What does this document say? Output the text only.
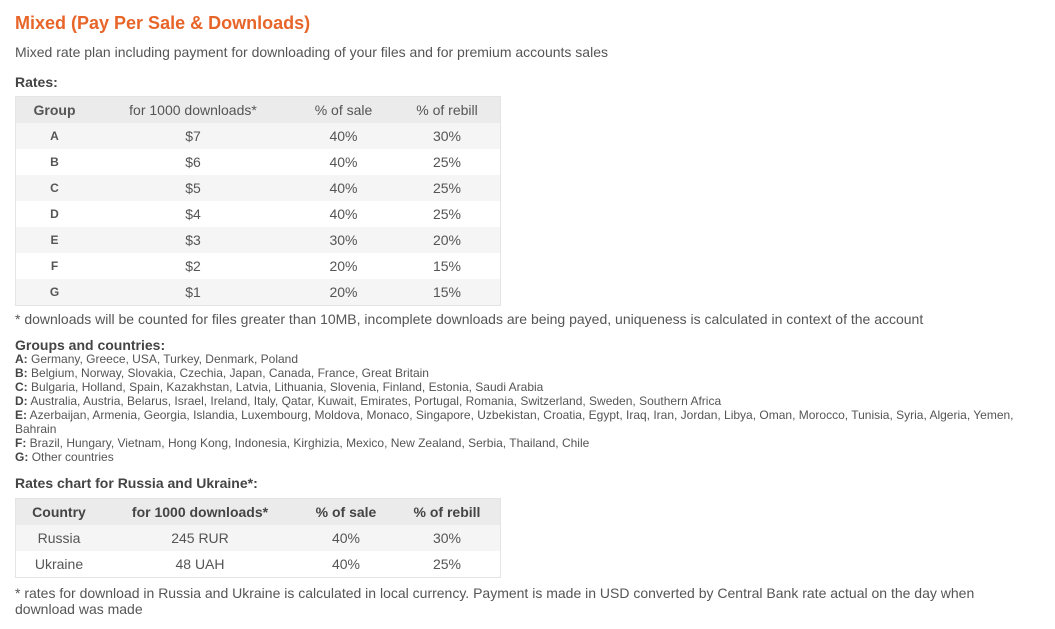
Mixed (Pay Per Sale & Downloads)
Mixed rate plan including payment for downloading of your files and for premium accounts sales
Rates:
Group	for 1000 downloads*	% of sale	% of rebill
A	$7	40%	30%
B	$6	40%	25%
C	$5	40%	25%
D	$4	40%	25%
E	$3	30%	20%
F	$2	20%	15%
G	$1	20%	15%
* downloads will be counted for files greater than 10MB, incomplete downloads are being payed, uniqueness is calculated in context of the account
Groups and countries:
A: Germany, Greece, USA, Turkey, Denmark, Poland
B: Belgium, Norway, Slovakia, Czechia, Japan, Canada, France, Great Britain
C: Bulgaria, Holland, Spain, Kazakhstan, Latvia, Lithuania, Slovenia, Finland, Estonia, Saudi Arabia
D: Australia, Austria, Belarus, Israel, Ireland, Italy, Qatar, Kuwait, Emirates, Portugal, Romania, Switzerland, Sweden, Southern Africa
E: Azerbaijan, Armenia, Georgia, Islandia, Luxembourg, Moldova, Monaco, Singapore, Uzbekistan, Croatia, Egypt, Iraq, Iran, Jordan, Libya, Oman, Morocco, Tunisia, Syria, Algeria, Yemen, Bahrain
F: Brazil, Hungary, Vietnam, Hong Kong, Indonesia, Kirghizia, Mexico, New Zealand, Serbia, Thailand, Chile
G: Other countries
Rates chart for Russia and Ukraine*:
Country	for 1000 downloads*	% of sale	% of rebill
Russia	245 RUR	40%	30%
Ukraine	48 UAH	40%	25%
* rates for download in Russia and Ukraine is calculated in local currency. Payment is made in USD converted by Central Bank rate actual on the day when download was made
